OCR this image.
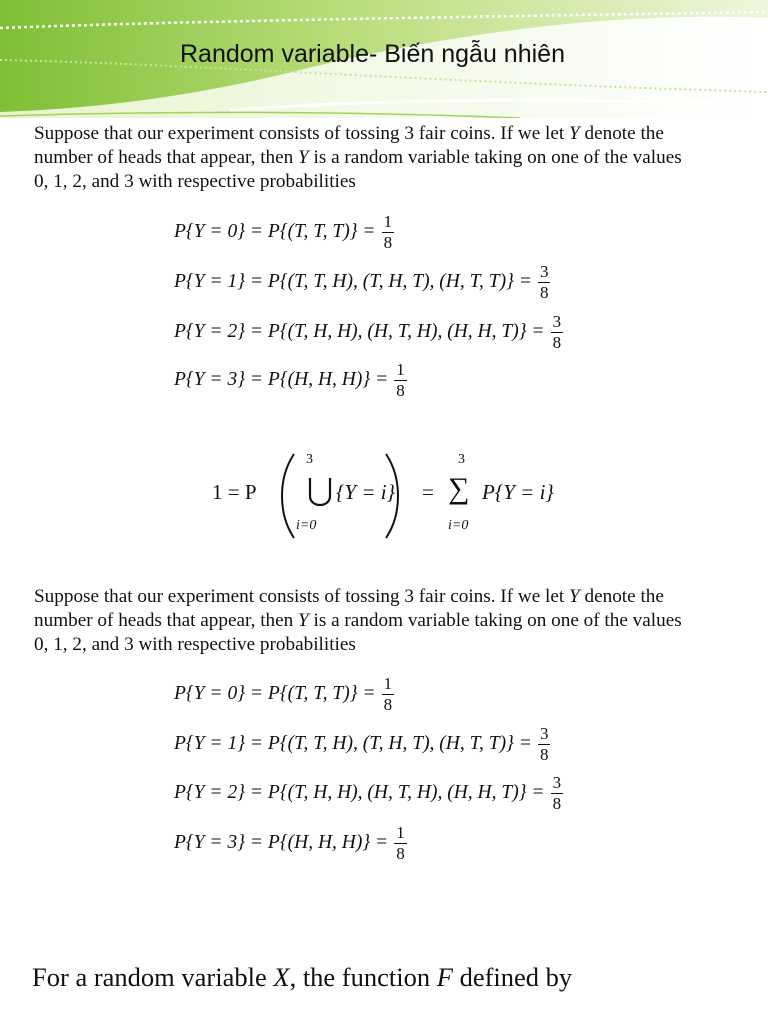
Random variable- Biến ngẫu nhiên

Suppose that our experiment consists of tossing 3 fair coins. If we let Y denote the
number of heads that appear, then Y is a random variable taking on one of the values
0, 1, 2, and 3 with respective probabilities

P{Y = 0} = P{(T, T, $T)\} = \frac{1}{8}$
P{Y = 1} = P{(T, T, H), (T, H, T), (H, T, $T)\} = \frac{3}{8}$
P{Y = 2} = P{(T, H, H), (H, T, H), (H, H, $T)\} = \frac{3}{8}$
P{Y = 3} = P{(H, H, $H)\} = \frac{1}{8}$
1 = P
3
i=0
{Y = i} =
3
∑
i=0
P{Y = i}

Suppose that our experiment consists of tossing 3 fair coins. If we let Y denote the
number of heads that appear, then Y is a random variable taking on one of the values
0, 1, 2, and 3 with respective probabilities

P{Y = 0} = P{(T, T, $T)\} = \frac{1}{8}$
P{Y = 1} = P{(T, T, H), (T, H, T), (H, T, $T)\} = \frac{3}{8}$
P{Y = 2} = P{(T, H, H), (H, T, H), (H, H, $T)\} = \frac{3}{8}$
P{Y = 3} = P{(H, H, $H)\} = \frac{1}{8}$
For a random variable X, the function F defined by
